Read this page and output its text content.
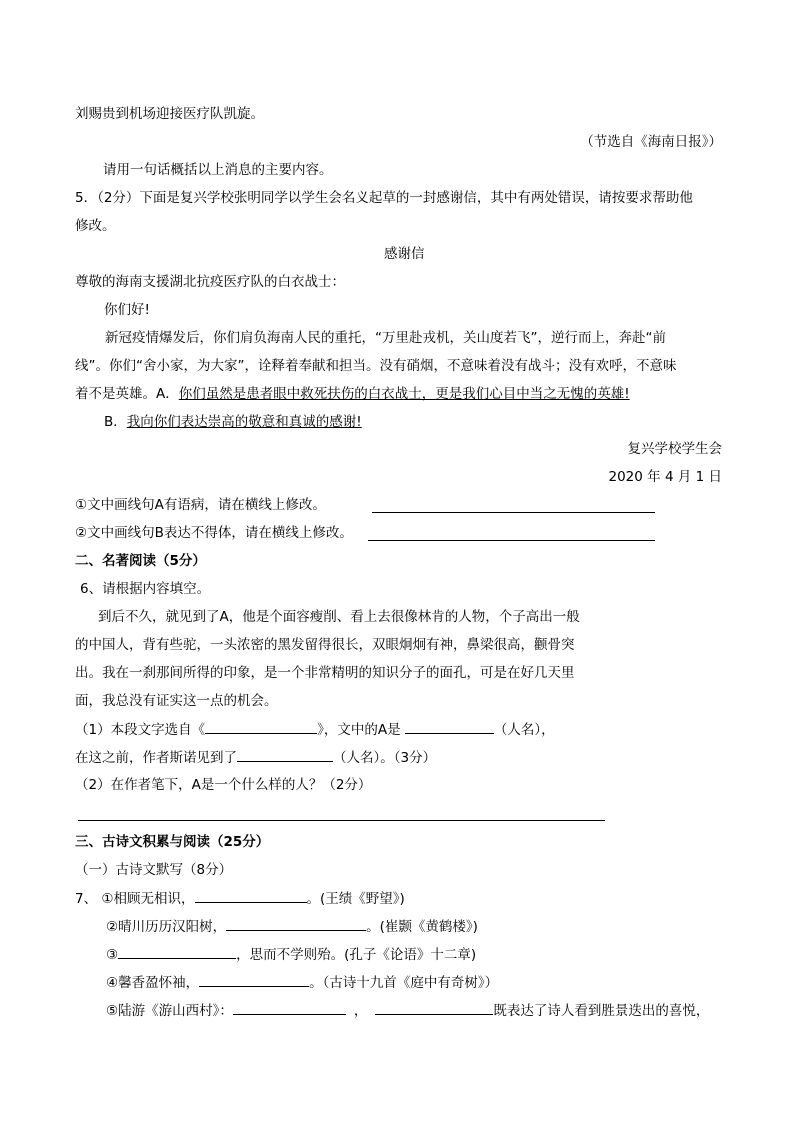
刘赐贵到机场迎接医疗队凯旋。
（节选自《海南日报》）
请用一句话概括以上消息的主要内容。
5．（2分）下面是复兴学校张明同学以学生会名义起草的一封感谢信，其中有两处错误，请按要求帮助他
修改。
感谢信
尊敬的海南支援湖北抗疫医疗队的白衣战士：
你们好!
新冠疫情爆发后，你们肩负海南人民的重托，“万里赴戎机，关山度若飞”，逆行而上，奔赴“前
线”。你们“舍小家，为大家”，诠释着奉献和担当。没有硝烟，不意味着没有战斗；没有欢呼，不意味
着不是英雄。A．你们虽然是患者眼中救死扶伤的白衣战士，更是我们心目中当之无愧的英雄!
B．我向你们表达崇高的敬意和真诚的感谢!
复兴学校学生会
2020 年 4 月 1 日
①文中画线句A有语病，请在横线上修改。
②文中画线句B表达不得体，请在横线上修改。
二、名著阅读（5分）
6、请根据内容填空。
到后不久，就见到了A，他是个面容瘦削、看上去很像林肯的人物，个子高出一般
的中国人，背有些驼，一头浓密的黑发留得很长，双眼炯炯有神，鼻梁很高，颧骨突
出。我在一刹那间所得的印象，是一个非常精明的知识分子的面孔，可是在好几天里
面，我总没有证实这一点的机会。
（1）本段文字选自《	》，文中的A是	（人名），
在这之前，作者斯诺见到了	（人名）。（3分）
（2）在作者笔下，A是一个什么样的人？（2分）
三、古诗文积累与阅读（25分）
（一）古诗文默写（8分）
7、 ①相顾无相识，	。(王绩《野望》)
②晴川历历汉阳树，	。(崔颢《黄鹤楼》)
③	，思而不学则殆。(孔子《论语》十二章)
④馨香盈怀袖，	。（古诗十九首《庭中有奇树》）
⑤陆游《游山西村》：	，	既表达了诗人看到胜景迭出的喜悦，
